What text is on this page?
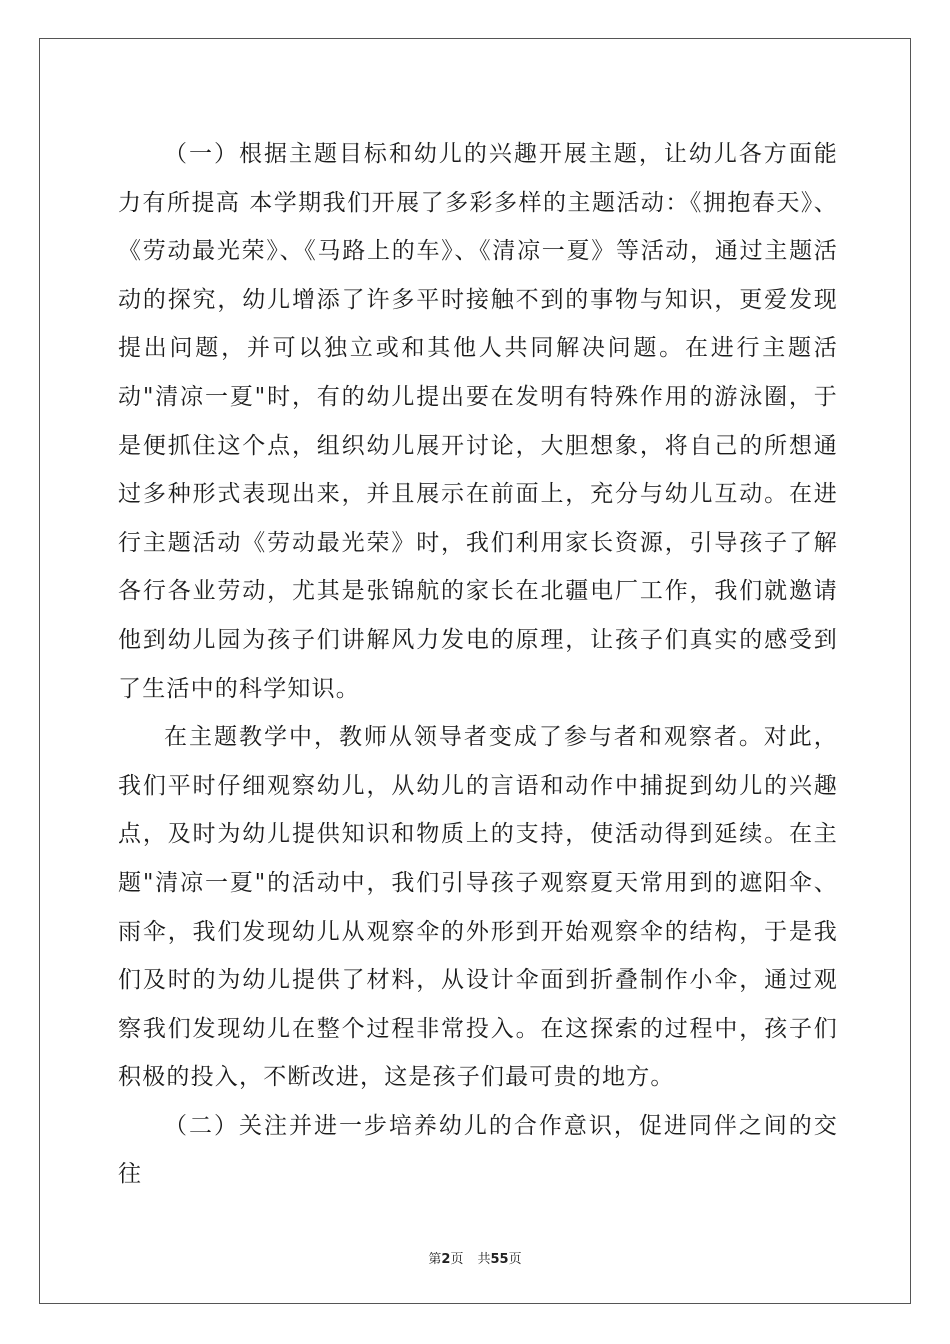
（一）根据主题目标和幼儿的兴趣开展主题，让幼儿各方面能力有所提高 本学期我们开展了多彩多样的主题活动：《拥抱春天》、《劳动最光荣》、《马路上的车》、《清凉一夏》等活动，通过主题活动的探究，幼儿增添了许多平时接触不到的事物与知识，更爱发现提出问题，并可以独立或和其他人共同解决问题。在进行主题活动"清凉一夏"时，有的幼儿提出要在发明有特殊作用的游泳圈，于是便抓住这个点，组织幼儿展开讨论，大胆想象，将自己的所想通过多种形式表现出来，并且展示在前面上，充分与幼儿互动。在进行主题活动《劳动最光荣》时，我们利用家长资源，引导孩子了解各行各业劳动，尤其是张锦航的家长在北疆电厂工作，我们就邀请他到幼儿园为孩子们讲解风力发电的原理，让孩子们真实的感受到了生活中的科学知识。

在主题教学中，教师从领导者变成了参与者和观察者。对此，我们平时仔细观察幼儿，从幼儿的言语和动作中捕捉到幼儿的兴趣点，及时为幼儿提供知识和物质上的支持，使活动得到延续。在主题"清凉一夏"的活动中，我们引导孩子观察夏天常用到的遮阳伞、雨伞，我们发现幼儿从观察伞的外形到开始观察伞的结构，于是我们及时的为幼儿提供了材料，从设计伞面到折叠制作小伞，通过观察我们发现幼儿在整个过程非常投入。在这探索的过程中，孩子们积极的投入，不断改进，这是孩子们最可贵的地方。

（二）关注并进一步培养幼儿的合作意识，促进同伴之间的交往

第2页 共55页
